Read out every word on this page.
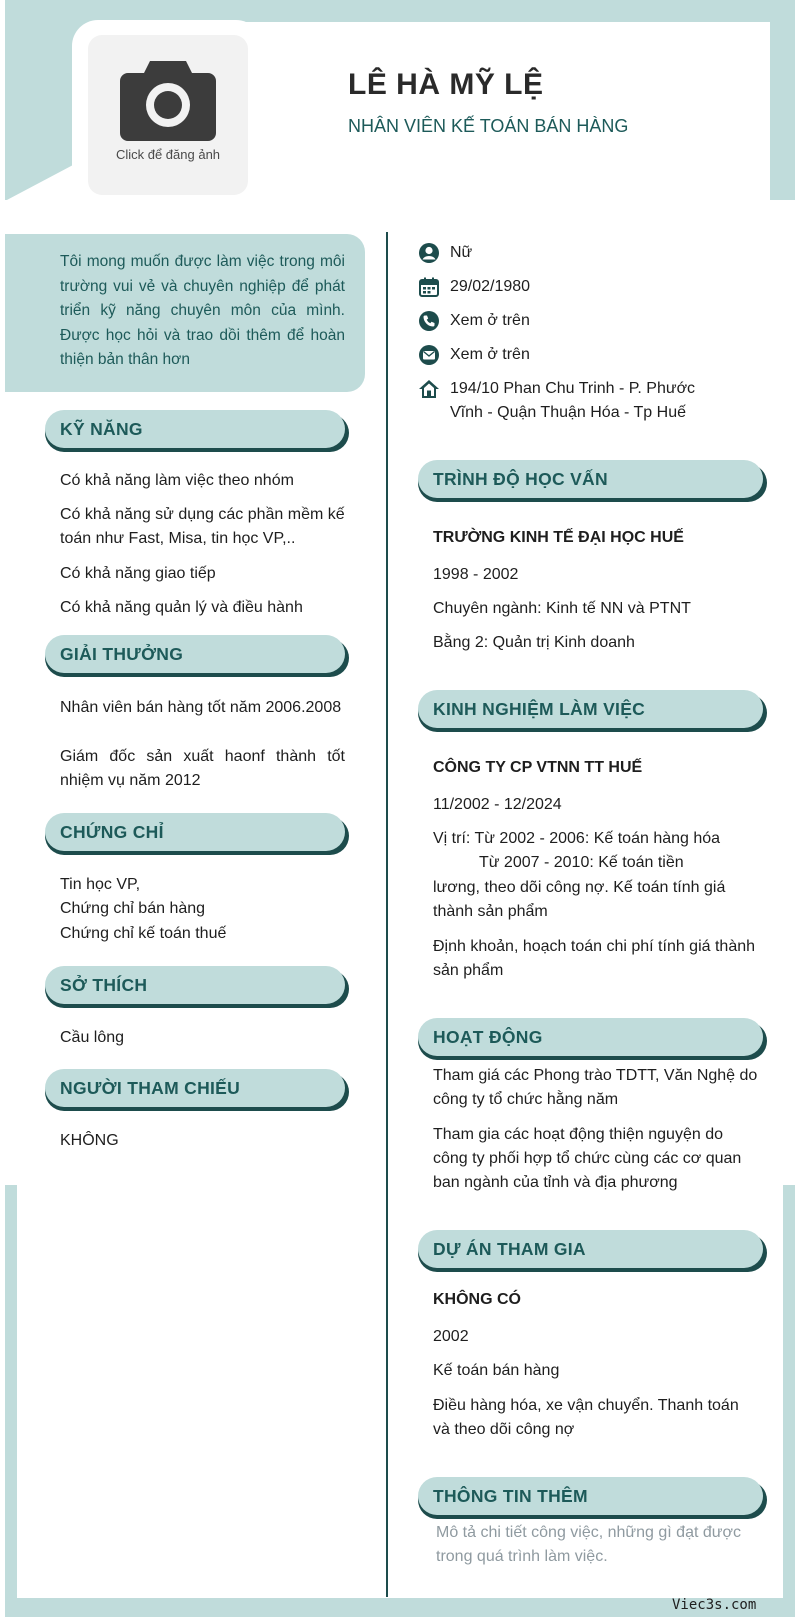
Click để đăng ảnh
LÊ HÀ MỸ LỆ
NHÂN VIÊN KẾ TOÁN BÁN HÀNG
Tôi mong muốn được làm việc trong môi trường vui vẻ và chuyên nghiệp để phát triển kỹ năng chuyên môn của mình. Được học hỏi và trao dồi thêm để hoàn thiện bản thân hơn
Nữ
29/02/1980
Xem ở trên
Xem ở trên
194/10 Phan Chu Trinh - P. Phước Vĩnh - Quận Thuận Hóa - Tp Huế
KỸ NĂNG
Có khả năng làm việc theo nhóm
Có khả năng sử dụng các phần mềm kế toán như Fast, Misa, tin học VP,..
Có khả năng giao tiếp
Có khả năng quản lý và điều hành
GIẢI THƯỞNG
Nhân viên bán hàng tốt năm 2006.2008
Giám đốc sản xuất haonf thành tốt nhiệm vụ năm 2012
CHỨNG CHỈ
Tin học VP,
Chứng chỉ bán hàng
Chứng chỉ kế toán thuế
SỞ THÍCH
Cầu lông
NGƯỜI THAM CHIẾU
KHÔNG
TRÌNH ĐỘ HỌC VẤN
TRƯỜNG KINH TẾ ĐẠI HỌC HUẾ
1998 - 2002
Chuyên ngành: Kinh tế NN và PTNT
Bằng 2: Quản trị Kinh doanh
KINH NGHIỆM LÀM VIỆC
CÔNG TY CP VTNN TT HUẾ
11/2002 - 12/2024
Vị trí: Từ 2002 - 2006: Kế toán hàng hóa
Từ 2007 - 2010: Kế toán tiền
lương, theo dõi công nợ. Kế toán tính giá thành sản phẩm
Định khoản, hoạch toán chi phí tính giá thành sản phẩm
HOẠT ĐỘNG
Tham giá các Phong trào TDTT, Văn Nghệ do công ty tổ chức hằng năm
Tham gia các hoạt động thiện nguyện do công ty phối hợp tổ chức cùng các cơ quan ban ngành của tỉnh và địa phương
DỰ ÁN THAM GIA
KHÔNG CÓ
2002
Kế toán bán hàng
Điều hàng hóa, xe vận chuyển. Thanh toán và theo dõi công nợ
THÔNG TIN THÊM
Mô tả chi tiết công việc, những gì đạt được trong quá trình làm việc.
Viec3s.com
